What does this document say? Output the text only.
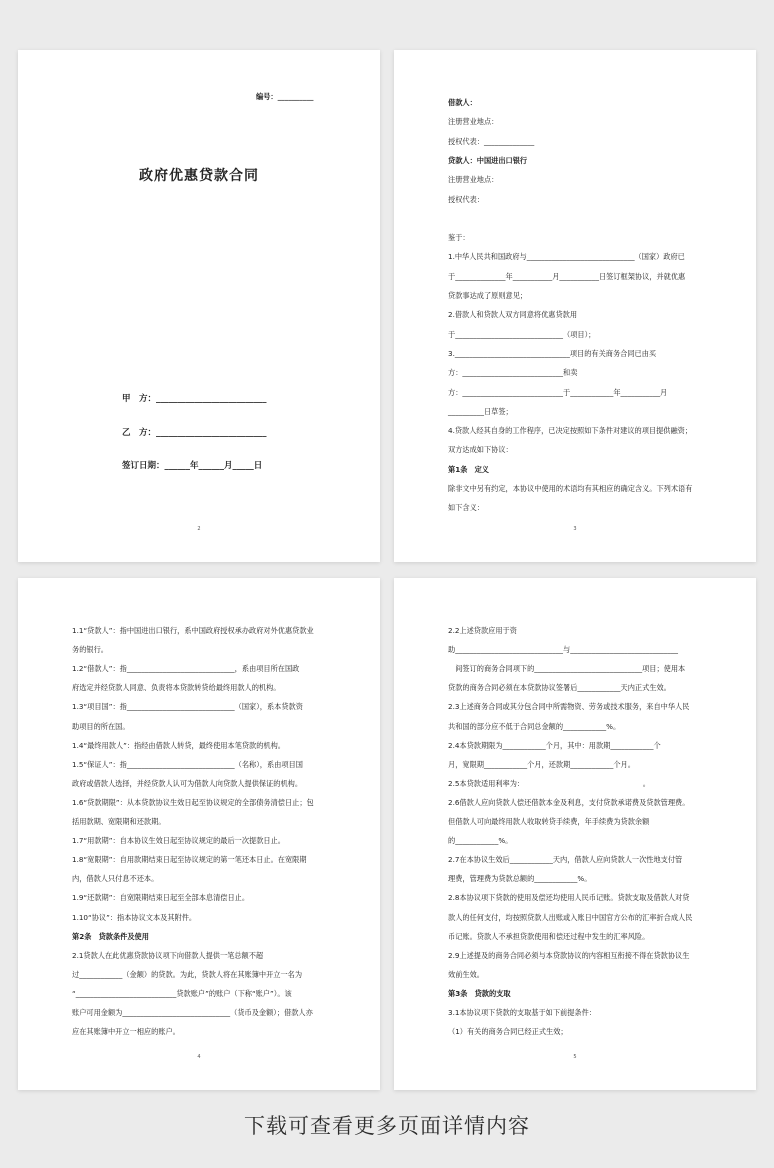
编号：__________
政府优惠贷款合同
甲　方：__________________________
乙　方：__________________________
签订日期：______年______月_____日
2
借款人：
注册营业地点：
授权代表：______________
贷款人：中国进出口银行
注册营业地点：
授权代表：
鉴于：
1.中华人民共和国政府与______________________________（国家）政府已
于______________年___________月___________日签订框架协议，并就优惠
贷款事达成了原则意见；
2.借款人和贷款人双方同意将优惠贷款用
于______________________________（项目）；
3.________________________________项目的有关商务合同已由买
方：____________________________和卖
方：____________________________于____________年___________月
__________日草签；
4.贷款人经其自身的工作程序，已决定按照如下条件对建议的项目提供融资；
双方达成如下协议：
第1条　定义
除非文中另有约定，本协议中使用的术语均有其相应的确定含义。下列术语有
如下含义：
3
1.1“贷款人”：指中国进出口银行，系中国政府授权承办政府对外优惠贷款业
务的银行。
1.2“借款人”：指______________________________，系由项目所在国政
府选定并经贷款人同意、负责将本贷款转贷给最终用款人的机构。
1.3“项目国”：指______________________________（国家），系本贷款资
助项目的所在国。
1.4“最终用款人”：指经由借款人转贷，最终使用本笔贷款的机构。
1.5“保证人”：指______________________________（名称），系由项目国
政府或借款人选择，并经贷款人认可为借款人向贷款人提供保证的机构。
1.6“贷款期限”：从本贷款协议生效日起至协议规定的全部债务清偿日止；包
括用款期、宽限期和还款期。
1.7“用款期”：自本协议生效日起至协议规定的最后一次提款日止。
1.8“宽限期”：自用款期结束日起至协议规定的第一笔还本日止。在宽限期
内，借款人只付息不还本。
1.9“还款期”：自宽限期结束日起至全部本息清偿日止。
1.10“协议”：指本协议文本及其附件。
第2条　贷款条件及使用
2.1贷款人在此优惠贷款协议项下向借款人提供一笔总额不超
过____________（金额）的贷款。为此，贷款人将在其账簿中开立一名为
“____________________________贷款账户”的账户（下称“账户”）。该
账户可用金额为______________________________（货币及金额）；借款人亦
应在其账簿中开立一相应的账户。
4
2.2上述贷款应用于资
助______________________________与______________________________
　间签订的商务合同项下的______________________________项目；使用本
贷款的商务合同必须在本贷款协议签署后____________天内正式生效。
2.3上述商务合同或其分包合同中所需物资、劳务或技术服务，来自中华人民
共和国的部分应不低于合同总金额的____________%。
2.4本贷款期限为____________个月，其中：用款期____________个
月，宽限期____________个月，还款期____________个月。
2.5本贷款适用利率为：　　　　　　　　　　　　　　　　　。
2.6借款人应向贷款人偿还借款本金及利息，支付贷款承诺费及贷款管理费。
但借款人可向最终用款人收取转贷手续费，年手续费为贷款余额
的____________%。
2.7在本协议生效后____________天内，借款人应向贷款人一次性地支付管
理费，管理费为贷款总额的____________%。
2.8本协议项下贷款的使用及偿还均使用人民币记账。贷款支取及借款人对贷
款人的任何支付，均按照贷款人出账或入账日中国官方公布的汇率折合成人民
币记账。贷款人不承担贷款使用和偿还过程中发生的汇率风险。
2.9上述提及的商务合同必须与本贷款协议的内容相互衔接不得在贷款协议生
效前生效。
第3条　贷款的支取
3.1本协议项下贷款的支取基于如下前提条件：
（1）有关的商务合同已经正式生效；
5
下载可查看更多页面详情内容
